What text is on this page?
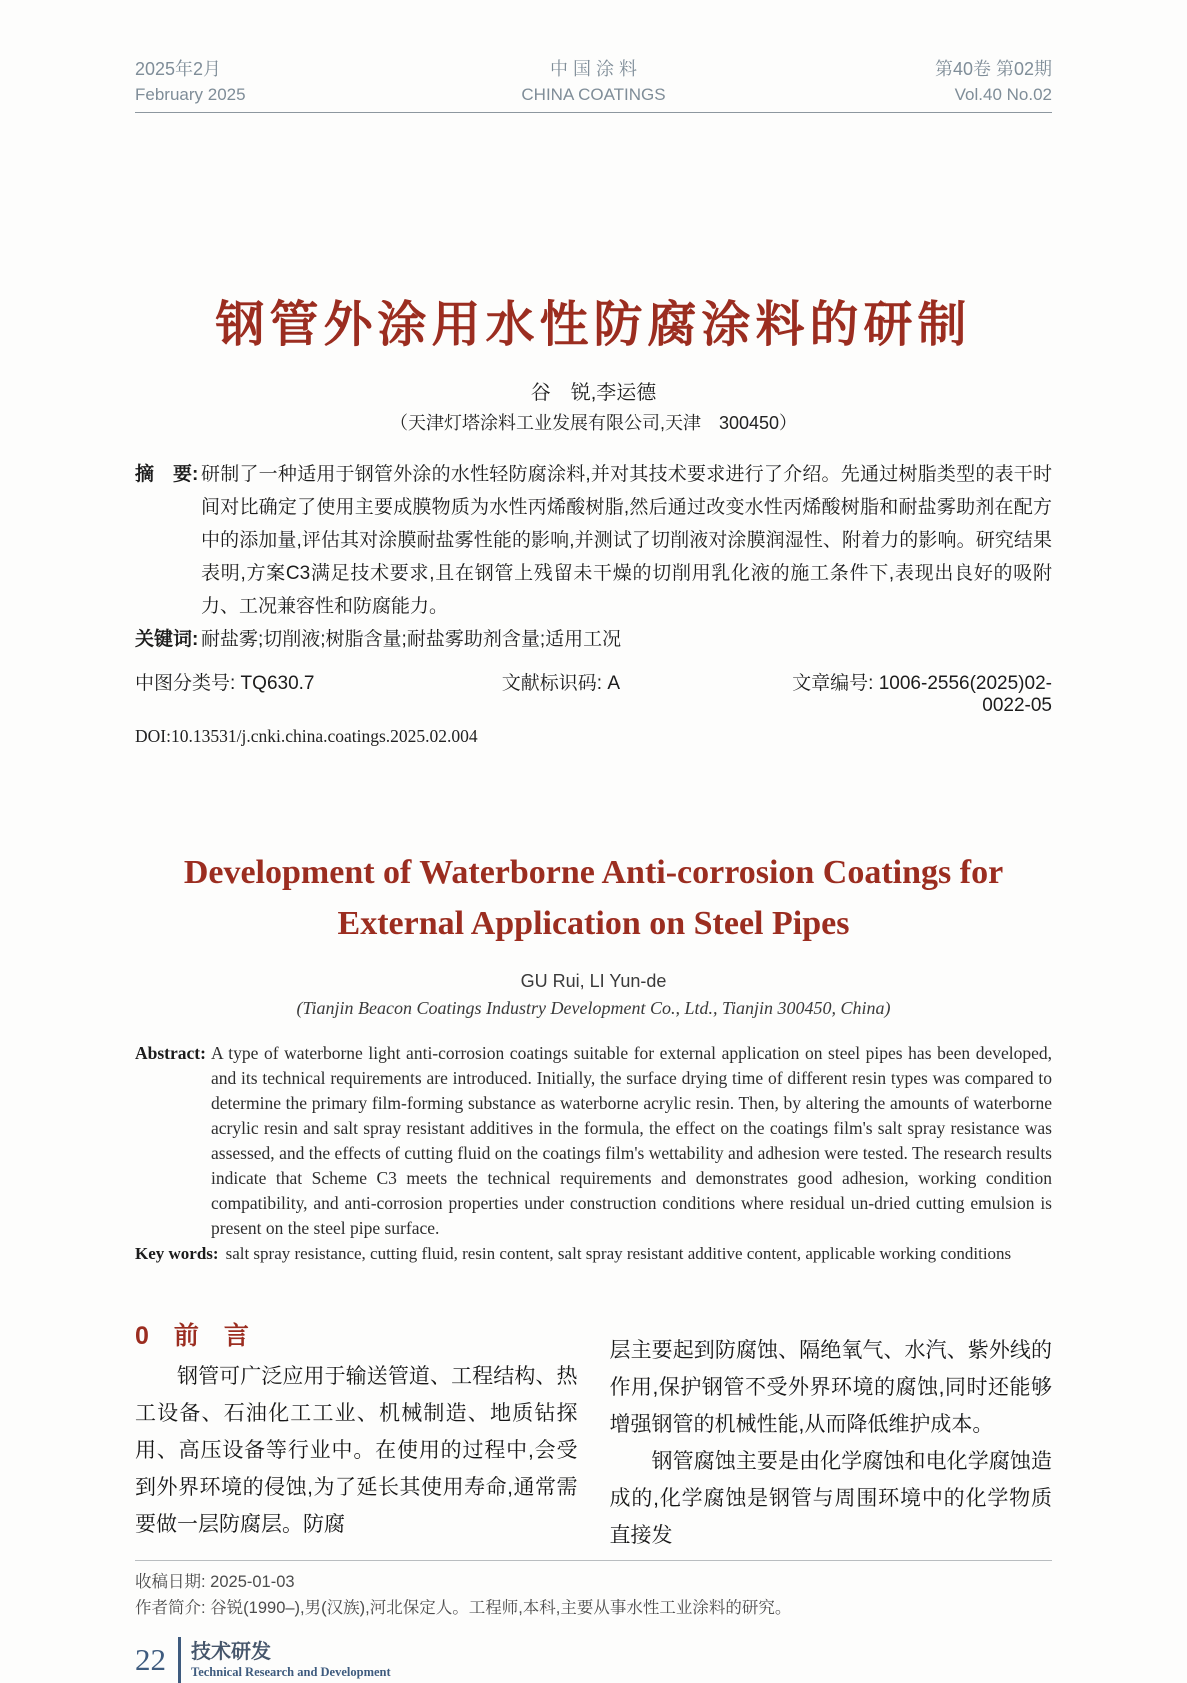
2025年2月
February 2025
中 国 涂 料
CHINA COATINGS
第40卷 第02期
Vol.40 No.02
钢管外涂用水性防腐涂料的研制
谷　锐,李运德
（天津灯塔涂料工业发展有限公司,天津　300450）
摘　要: 研制了一种适用于钢管外涂的水性轻防腐涂料,并对其技术要求进行了介绍。先通过树脂类型的表干时间对比确定了使用主要成膜物质为水性丙烯酸树脂,然后通过改变水性丙烯酸树脂和耐盐雾助剂在配方中的添加量,评估其对涂膜耐盐雾性能的影响,并测试了切削液对涂膜润湿性、附着力的影响。研究结果表明,方案C3满足技术要求,且在钢管上残留未干燥的切削用乳化液的施工条件下,表现出良好的吸附力、工况兼容性和防腐能力。
关键词: 耐盐雾;切削液;树脂含量;耐盐雾助剂含量;适用工况
中图分类号: TQ630.7	文献标识码: A	文章编号: 1006-2556(2025)02-0022-05
DOI:10.13531/j.cnki.china.coatings.2025.02.004
Development of Waterborne Anti-corrosion Coatings for
External Application on Steel Pipes
GU Rui, LI Yun-de
(Tianjin Beacon Coatings Industry Development Co., Ltd., Tianjin 300450, China)
Abstract: A type of waterborne light anti-corrosion coatings suitable for external application on steel pipes has been developed, and its technical requirements are introduced. Initially, the surface drying time of different resin types was compared to determine the primary film-forming substance as waterborne acrylic resin. Then, by altering the amounts of waterborne acrylic resin and salt spray resistant additives in the formula, the effect on the coatings film's salt spray resistance was assessed, and the effects of cutting fluid on the coatings film's wettability and adhesion were tested. The research results indicate that Scheme C3 meets the technical requirements and demonstrates good adhesion, working condition compatibility, and anti-corrosion properties under construction conditions where residual un-dried cutting emulsion is present on the steel pipe surface.
Key words: salt spray resistance, cutting fluid, resin content, salt spray resistant additive content, applicable working conditions
0　前　言

钢管可广泛应用于输送管道、工程结构、热工设备、石油化工工业、机械制造、地质钻探用、高压设备等行业中。在使用的过程中,会受到外界环境的侵蚀,为了延长其使用寿命,通常需要做一层防腐层。防腐

层主要起到防腐蚀、隔绝氧气、水汽、紫外线的作用,保护钢管不受外界环境的腐蚀,同时还能够增强钢管的机械性能,从而降低维护成本。

钢管腐蚀主要是由化学腐蚀和电化学腐蚀造成的,化学腐蚀是钢管与周围环境中的化学物质直接发

收稿日期: 2025-01-03
作者简介: 谷锐(1990–),男(汉族),河北保定人。工程师,本科,主要从事水性工业涂料的研究。
22 技术研发
Technical Research and Development
